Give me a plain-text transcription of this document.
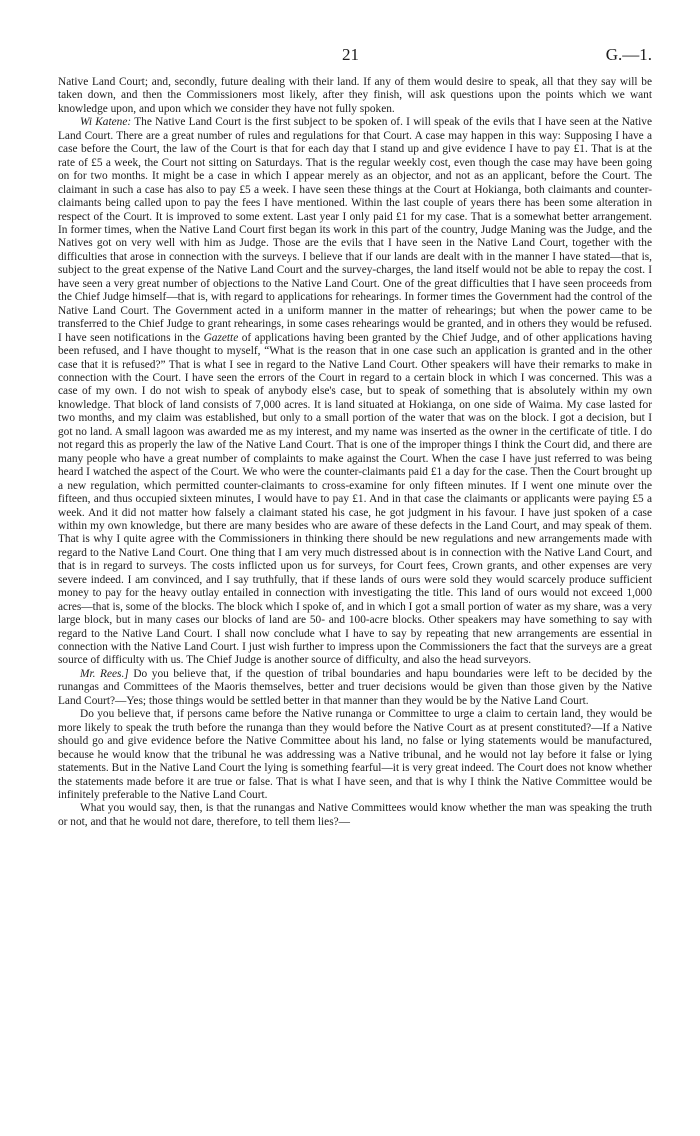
21	G.—1.

Native Land Court; and, secondly, future dealing with their land. If any of them would desire to speak, all that they say will be taken down, and then the Commissioners most likely, after they finish, will ask questions upon the points which we want knowledge upon, and upon which we consider they have not fully spoken.

Wi Katene: The Native Land Court is the first subject to be spoken of. I will speak of the evils that I have seen at the Native Land Court. There are a great number of rules and regulations for that Court. A case may happen in this way: Supposing I have a case before the Court, the law of the Court is that for each day that I stand up and give evidence I have to pay £1. That is at the rate of £5 a week, the Court not sitting on Saturdays. That is the regular weekly cost, even though the case may have been going on for two months. It might be a case in which I appear merely as an objector, and not as an applicant, before the Court. The claimant in such a case has also to pay £5 a week. I have seen these things at the Court at Hokianga, both claimants and counter-claimants being called upon to pay the fees I have mentioned. Within the last couple of years there has been some alteration in respect of the Court. It is improved to some extent. Last year I only paid £1 for my case. That is a somewhat better arrangement. In former times, when the Native Land Court first began its work in this part of the country, Judge Maning was the Judge, and the Natives got on very well with him as Judge. Those are the evils that I have seen in the Native Land Court, together with the difficulties that arose in connection with the surveys. I believe that if our lands are dealt with in the manner I have stated—that is, subject to the great expense of the Native Land Court and the survey-charges, the land itself would not be able to repay the cost. I have seen a very great number of objections to the Native Land Court. One of the great difficulties that I have seen proceeds from the Chief Judge himself—that is, with regard to applications for rehearings. In former times the Government had the control of the Native Land Court. The Government acted in a uniform manner in the matter of rehearings; but when the power came to be transferred to the Chief Judge to grant rehearings, in some cases rehearings would be granted, and in others they would be refused. I have seen notifications in the Gazette of applications having been granted by the Chief Judge, and of other applications having been refused, and I have thought to myself, “What is the reason that in one case such an application is granted and in the other case that it is refused?” That is what I see in regard to the Native Land Court. Other speakers will have their remarks to make in connection with the Court. I have seen the errors of the Court in regard to a certain block in which I was concerned. This was a case of my own. I do not wish to speak of anybody else's case, but to speak of something that is absolutely within my own knowledge. That block of land consists of 7,000 acres. It is land situated at Hokianga, on one side of Waima. My case lasted for two months, and my claim was established, but only to a small portion of the water that was on the block. I got a decision, but I got no land. A small lagoon was awarded me as my interest, and my name was inserted as the owner in the certificate of title. I do not regard this as properly the law of the Native Land Court. That is one of the improper things I think the Court did, and there are many people who have a great number of complaints to make against the Court. When the case I have just referred to was being heard I watched the aspect of the Court. We who were the counter-claimants paid £1 a day for the case. Then the Court brought up a new regulation, which permitted counter-claimants to cross-examine for only fifteen minutes. If I went one minute over the fifteen, and thus occupied sixteen minutes, I would have to pay £1. And in that case the claimants or applicants were paying £5 a week. And it did not matter how falsely a claimant stated his case, he got judgment in his favour. I have just spoken of a case within my own knowledge, but there are many besides who are aware of these defects in the Land Court, and may speak of them. That is why I quite agree with the Commissioners in thinking there should be new regulations and new arrangements made with regard to the Native Land Court. One thing that I am very much distressed about is in connection with the Native Land Court, and that is in regard to surveys. The costs inflicted upon us for surveys, for Court fees, Crown grants, and other expenses are very severe indeed. I am convinced, and I say truthfully, that if these lands of ours were sold they would scarcely produce sufficient money to pay for the heavy outlay entailed in connection with investigating the title. This land of ours would not exceed 1,000 acres—that is, some of the blocks. The block which I spoke of, and in which I got a small portion of water as my share, was a very large block, but in many cases our blocks of land are 50- and 100-acre blocks. Other speakers may have something to say with regard to the Native Land Court. I shall now conclude what I have to say by repeating that new arrangements are essential in connection with the Native Land Court. I just wish further to impress upon the Commissioners the fact that the surveys are a great source of difficulty with us. The Chief Judge is another source of difficulty, and also the head surveyors.

Mr. Rees.] Do you believe that, if the question of tribal boundaries and hapu boundaries were left to be decided by the runangas and Committees of the Maoris themselves, better and truer decisions would be given than those given by the Native Land Court?—Yes; those things would be settled better in that manner than they would be by the Native Land Court.

Do you believe that, if persons came before the Native runanga or Committee to urge a claim to certain land, they would be more likely to speak the truth before the runanga than they would before the Native Court as at present constituted?—If a Native should go and give evidence before the Native Committee about his land, no false or lying statements would be manufactured, because he would know that the tribunal he was addressing was a Native tribunal, and he would not lay before it false or lying statements. But in the Native Land Court the lying is something fearful—it is very great indeed. The Court does not know whether the statements made before it are true or false. That is what I have seen, and that is why I think the Native Committee would be infinitely preferable to the Native Land Court.

What you would say, then, is that the runangas and Native Committees would know whether the man was speaking the truth or not, and that he would not dare, therefore, to tell them lies?—
